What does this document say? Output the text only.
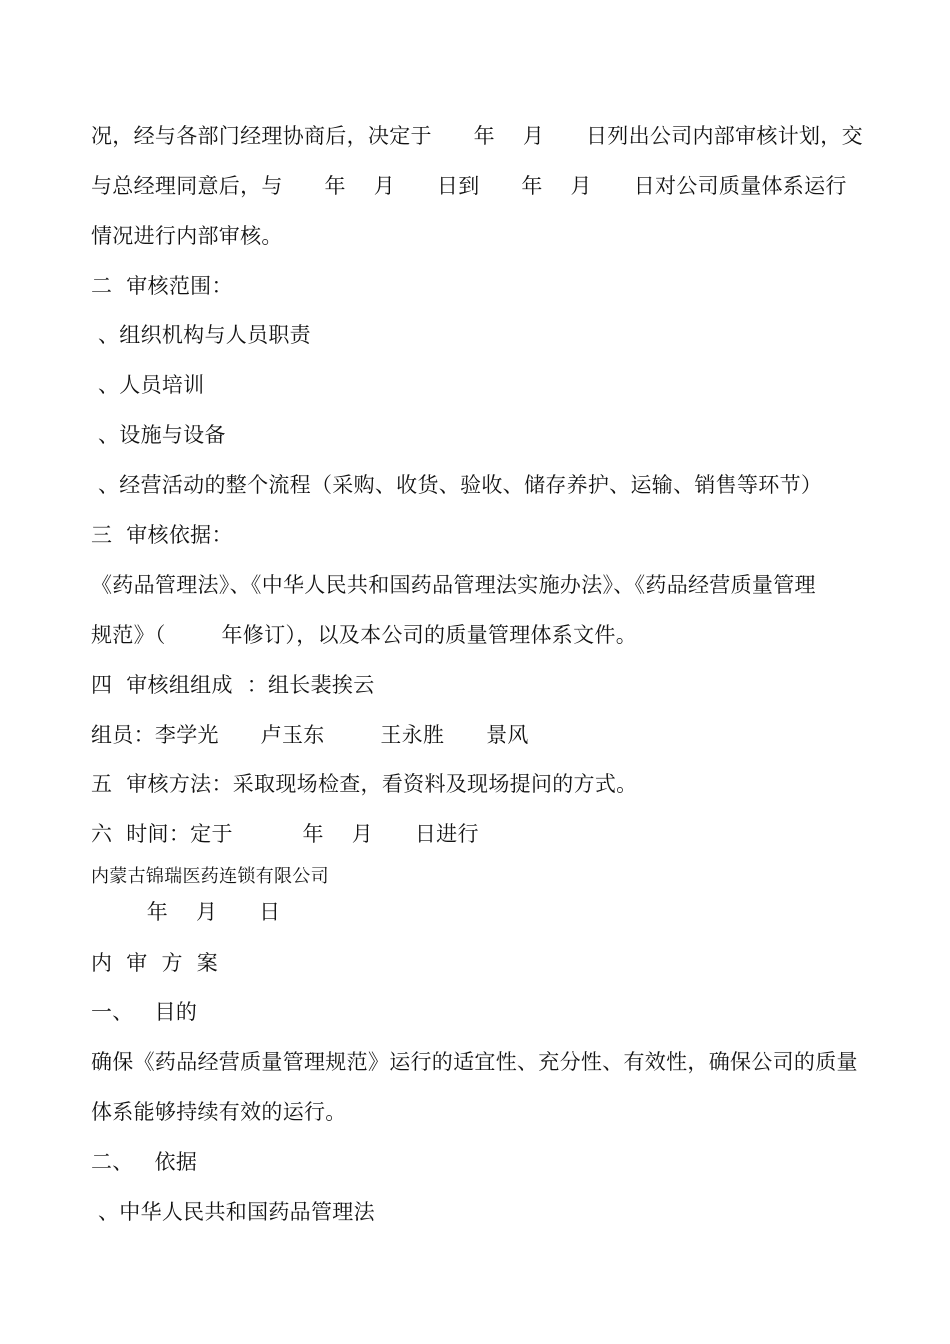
况，经与各部门经理协商后，决定于      年    月      日列出公司内部审核计划，交
与总经理同意后，与      年    月      日到      年    月      日对公司质量体系运行
情况进行内部审核。
二  审核范围：
、组织机构与人员职责
、人员培训
、设施与设备
、经营活动的整个流程（采购、收货、验收、储存养护、运输、销售等环节）
三  审核依据：
《药品管理法》、《中华人民共和国药品管理法实施办法》、《药品经营质量管理
规范》（        年修订），以及本公司的质量管理体系文件。
四  审核组组成  ：组长裴挨云
组员：李学光      卢玉东        王永胜      景风
五  审核方法：采取现场检查，看资料及现场提问的方式。
六  时间：定于          年    月      日进行
内蒙古锦瑞医药连锁有限公司
年    月      日
内  审  方  案
一、   目的
确保《药品经营质量管理规范》运行的适宜性、充分性、有效性，确保公司的质量
体系能够持续有效的运行。
二、   依据
、中华人民共和国药品管理法
